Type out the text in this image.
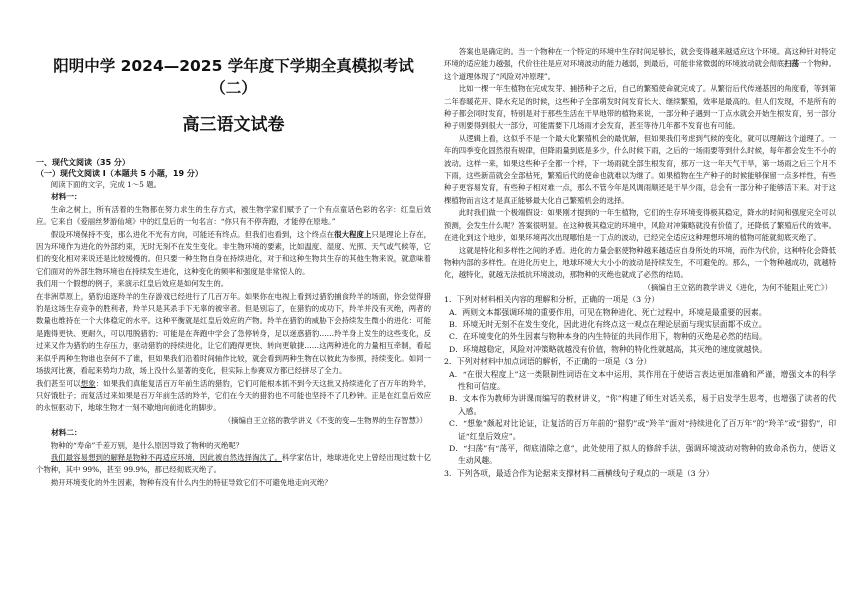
阳明中学 2024—2025 学年度下学期全真模拟考试（二）
高三语文试卷
一、现代文阅读（35 分）
（一）现代文阅读 I（本题共 5 小题，19 分）

阅读下面的文字，完成 1～5 题。

材料一：

生命之树上，所有活着的生物都在努力求生的生存方式，被生物学家们赋予了一个有点童话色彩的名字：红皇后效应。它来自《爱丽丝梦游仙境》中的红皇后的一句名言：“你只有不停奔跑，才能停在原地。”

假设环境保持不变，那么进化不光有方向，可能还有终点。但我们也看到，这个终点在很大程度上只是理论上存在，因为环境作为进化的外部约束，无时无刻不在发生变化。非生物环境的要素，比如温度、湿度、光照、天气或气候等，它们的变化相对来说还是比较缓慢的。但只要一种生物自身在持续进化，对于和这种生物共生存的其他生物来说，就意味着它们面对的外部生物环境也在持续发生进化，这种变化的频率和强度是非常惊人的。

我们用一个假想的例子，来演示红皇后效应是如何发生的。

在非洲草原上，猎豹追逐羚羊的生存游戏已经进行了几百万年。如果你在电视上看到过猎豹捕食羚羊的场面，你会觉得猎豹是这场生存竞争的胜利者，羚羊只是其杀手下无辜的被宰者。但是别忘了，在猎豹的成功下，羚羊并没有灭绝，两者的数量也维持在一个大体稳定的水平。这种平衡就是红皇后效应的产物。羚羊在猎豹的威胁下会持续发生微小的进化：可能是跑得更快、更耐久，可以甩脱猎豹；可能是在奔跑中学会了急停转身，足以迷惑猎豹……羚羊身上发生的这些变化，反过来又作为猎豹的生存压力，驱动猎豹的持续进化，让它们跑得更快、转向更敏捷……这两种进化的力量相互牵制，看起来似乎两种生物谁也奈何不了谁，但如果我们沿着时间轴作比较，就会看到两种生物在以彼此为参照，持续变化。如同一场拔河比赛，看起来势均力敌，场上没什么显著的变化，但实际上参赛双方都已经拼尽了全力。

我们甚至可以想象：如果我们真能复活百万年前生活的猎豹，它们可能根本抓不到今天这批又持续进化了百万年的羚羊，只好饿肚子；而复活过来如果是百万年前生活的羚羊，它们在今天的猎豹也不可能也坚持不了几秒钟。正是在红皇后效应的永恒驱动下，地球生物才一刻不歇地向前进化的脚步。

（摘编自王立铭的教学讲义《不变的变—生物界的生存智慧》）

材料二：

物种的“寿命”千差万别，是什么原因导致了物种的灭绝呢？

我们最容易想到的解释是物种不再适应环境，因此被自然选择淘汰了。科学家估计，地球进化史上曾经出现过数十亿个物种，其中 99%，甚至 99.9%，都已经彻底灭绝了。

拗开环境变化的外生因素，物种有没有什么内生的特征导致它们不可避免地走向灭绝？

答案也是确定的。当一个物种在一个特定的环境中生存时间足够长，就会变得越来越适应这个环境。高这种针对特定环境的适应能力越强，代价往往是应对环境波动的能力越弱，到最后，可能非常微弱的环境波动就会彻底扫荡一个物种。这个道理体现了“风险对冲原理”。

比如一棵一年生植物在完成发芽、捕捞种子之后，自己的繁殖使命就完成了。从繁衍后代传递基因的角度看，等到第二年春暖花开、降水充足的时候，这些种子全部萌发时间发育长大、继续繁殖，效率是最高的。但人们发现，不是所有的种子都会同时发育，特别是对于那些生活在干旱地带的植物来说，一部分种子遇到一丁点水就会开始生根发育，另一部分种子则要得到很大一部分，可能需要下几场雨才会发育，甚至等待几年都不发育也有可能。

从逻辑上看，这似乎不是一个最大化繁殖机会的最优解，但如果我们考虑到气候的变化，就可以理解这个道理了。一年的四季变化固然很有规律，但降雨量到底是多少，什么时候下雨，之后的一场雨要等到什么时候，每年都会发生不小的波动。这样一来，如果这些种子全都一个样，下一场雨就全部生根发育，那万一这一年天气干旱，第一场雨之后三个月不下雨，这些新苗就会全部枯死，繁殖后代的使命也就难以为继了。如果植物在生产种子的时候能够保留一点多样性，有些种子更容易发育，有些种子相对难一点，那么不管今年是风调雨顺还是干旱少雨，总会有一部分种子能够活下来。对于这棵植物而言这才是真正能够最大化自己繁殖机会的选择。

此时我们做一个极端假设：如果刚才提到的一年生植物，它们的生存环境变得极其稳定，降水的时间和强度完全可以预测，会发生什么呢？答案很明显。在这种极其稳定的环境中，风险对冲策略就没有价值了，还降低了繁殖后代的效率。在进化到这个地步，如果环境再次出现哪怕是一丁点的波动，已经完全适应这种理想环境的植物可能就彻底灭绝了。

这就是特化和多样性之间的矛盾。进化的力量会驱使物种越来越适应自身所处的环境，而作为代价，这种特化会降低物种内部的多样性。在进化历史上，地球环境大大小小的波动是持续发生，不可避免的。那么，一个物种越成功，就越特化，越特化，就越无法抵抗环境波动，那物种的灭绝也就成了必然的结局。

（摘编自王立铭的教学讲义《进化，为何不能阻止死亡》）

1．下列对材料相关内容的理解和分析，正确的一项是（3 分）

A．两则文本都强调环境的重要作用，可见在物种进化、死亡过程中，环境是最重要的因素。

B．环境无时无刻不在发生变化，因此进化有终点这一观点在理论层面与现实层面都不成立。

C．在环境变化的外生因素与物种本身的内生特征的共同作用下，物种的灭绝是必然的结局。

D．环境越稳定，风险对冲策略就越没有价值，物种的特化性就越高，其灭绝的速度就越快。

2．下列对材料中加点词语的解析，不正确的一项是（3 分）

A．“在很大程度上”这一类限制性词语在文本中运用，其作用在于使语言表达更加准确和严谨，增强文本的科学性和可信度。

B．文本作为教师为讲课而编写的教材讲义，“你”构建了师生对话关系，易于启发学生思考，也增强了读者的代入感。

C．“想象”颇起对比论证，让复活的百万年前的“猎豹”或“羚羊”面对“持续进化了百万年”的“羚羊”或“猎豹”，印证“红皇后效应”。

D．“扫荡”有“荡平，彻底清除之意”，此处使用了拟人的修辞手法，强调环境波动对物种的致命杀伤力，使语义生动风趣。

3．下列各项，最适合作为论据来支撑材料二画横线句子观点的一项是（3 分）
